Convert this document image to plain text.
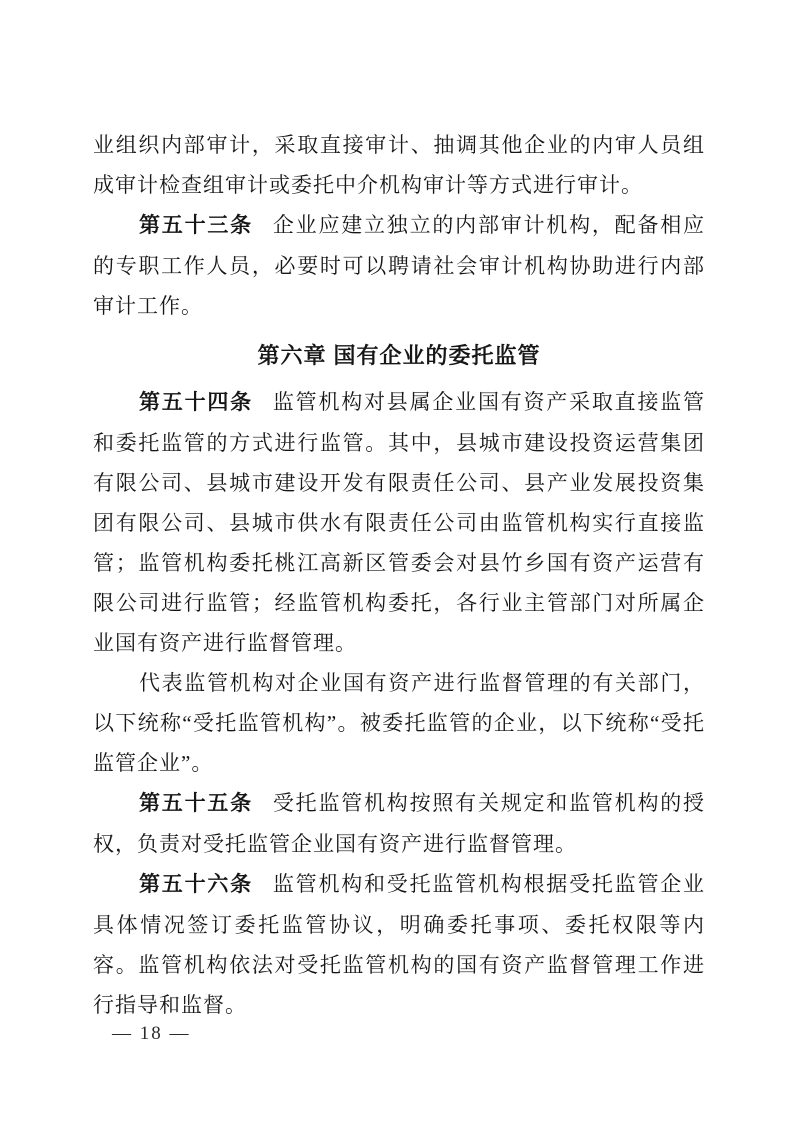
业组织内部审计，采取直接审计、抽调其他企业的内审人员组成审计检查组审计或委托中介机构审计等方式进行审计。

第五十三条 企业应建立独立的内部审计机构，配备相应的专职工作人员，必要时可以聘请社会审计机构协助进行内部审计工作。

第六章 国有企业的委托监管

第五十四条 监管机构对县属企业国有资产采取直接监管和委托监管的方式进行监管。其中，县城市建设投资运营集团有限公司、县城市建设开发有限责任公司、县产业发展投资集团有限公司、县城市供水有限责任公司由监管机构实行直接监管；监管机构委托桃江高新区管委会对县竹乡国有资产运营有限公司进行监管；经监管机构委托，各行业主管部门对所属企业国有资产进行监督管理。

代表监管机构对企业国有资产进行监督管理的有关部门，以下统称“受托监管机构”。被委托监管的企业，以下统称“受托监管企业”。

第五十五条 受托监管机构按照有关规定和监管机构的授权，负责对受托监管企业国有资产进行监督管理。

第五十六条 监管机构和受托监管机构根据受托监管企业具体情况签订委托监管协议，明确委托事项、委托权限等内容。监管机构依法对受托监管机构的国有资产监督管理工作进行指导和监督。

— 18 —
